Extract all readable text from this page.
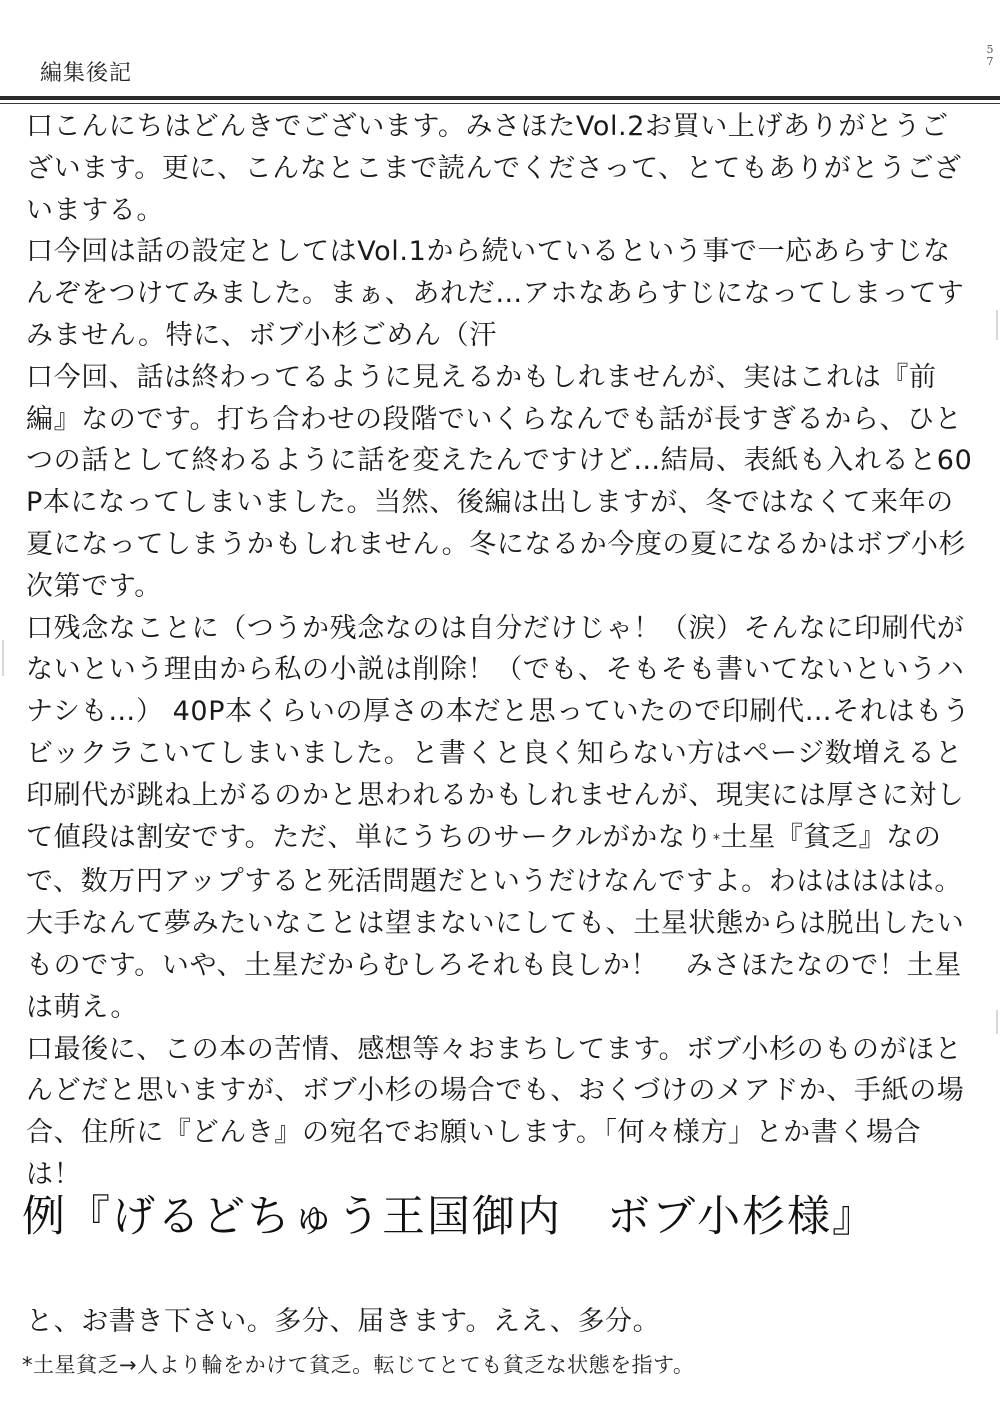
編集後記
5
7

口こんにちはどんきでございます。みさほたVol.2お買い上げありがとうございます。更に、こんなとこまで読んでくださって、とてもありがとうございまする。

口今回は話の設定としてはVol.1から続いているという事で一応あらすじなんぞをつけてみました。まぁ、あれだ…アホなあらすじになってしまってすみません。特に、ボブ小杉ごめん（汗

口今回、話は終わってるように見えるかもしれませんが、実はこれは『前編』なのです。打ち合わせの段階でいくらなんでも話が長すぎるから、ひとつの話として終わるように話を変えたんですけど…結局、表紙も入れると60P本になってしまいました。当然、後編は出しますが、冬ではなくて来年の夏になってしまうかもしれません。冬になるか今度の夏になるかはボブ小杉次第です。

口残念なことに（つうか残念なのは自分だけじゃ！（涙）そんなに印刷代がないという理由から私の小説は削除！（でも、そもそも書いてないというハナシも…） 40P本くらいの厚さの本だと思っていたので印刷代…それはもうビックラこいてしまいました。と書くと良く知らない方はページ数増えると印刷代が跳ね上がるのかと思われるかもしれませんが、現実には厚さに対して値段は割安です。ただ、単にうちのサークルがかなり*土星『貧乏』なので、数万円アップすると死活問題だというだけなんですよ。わははははは。大手なんて夢みたいなことは望まないにしても、土星状態からは脱出したいものです。いや、土星だからむしろそれも良しか！　みさほたなので！土星は萌え。

口最後に、この本の苦情、感想等々おまちしてます。ボブ小杉のものがほとんどだと思いますが、ボブ小杉の場合でも、おくづけのメアドか、手紙の場合、住所に『どんき』の宛名でお願いします。「何々様方」とか書く場合は！

例『げるどちゅう王国御内　ボブ小杉様』
と、お書き下さい。多分、届きます。ええ、多分。
*土星貧乏→人より輪をかけて貧乏。転じてとても貧乏な状態を指す。
